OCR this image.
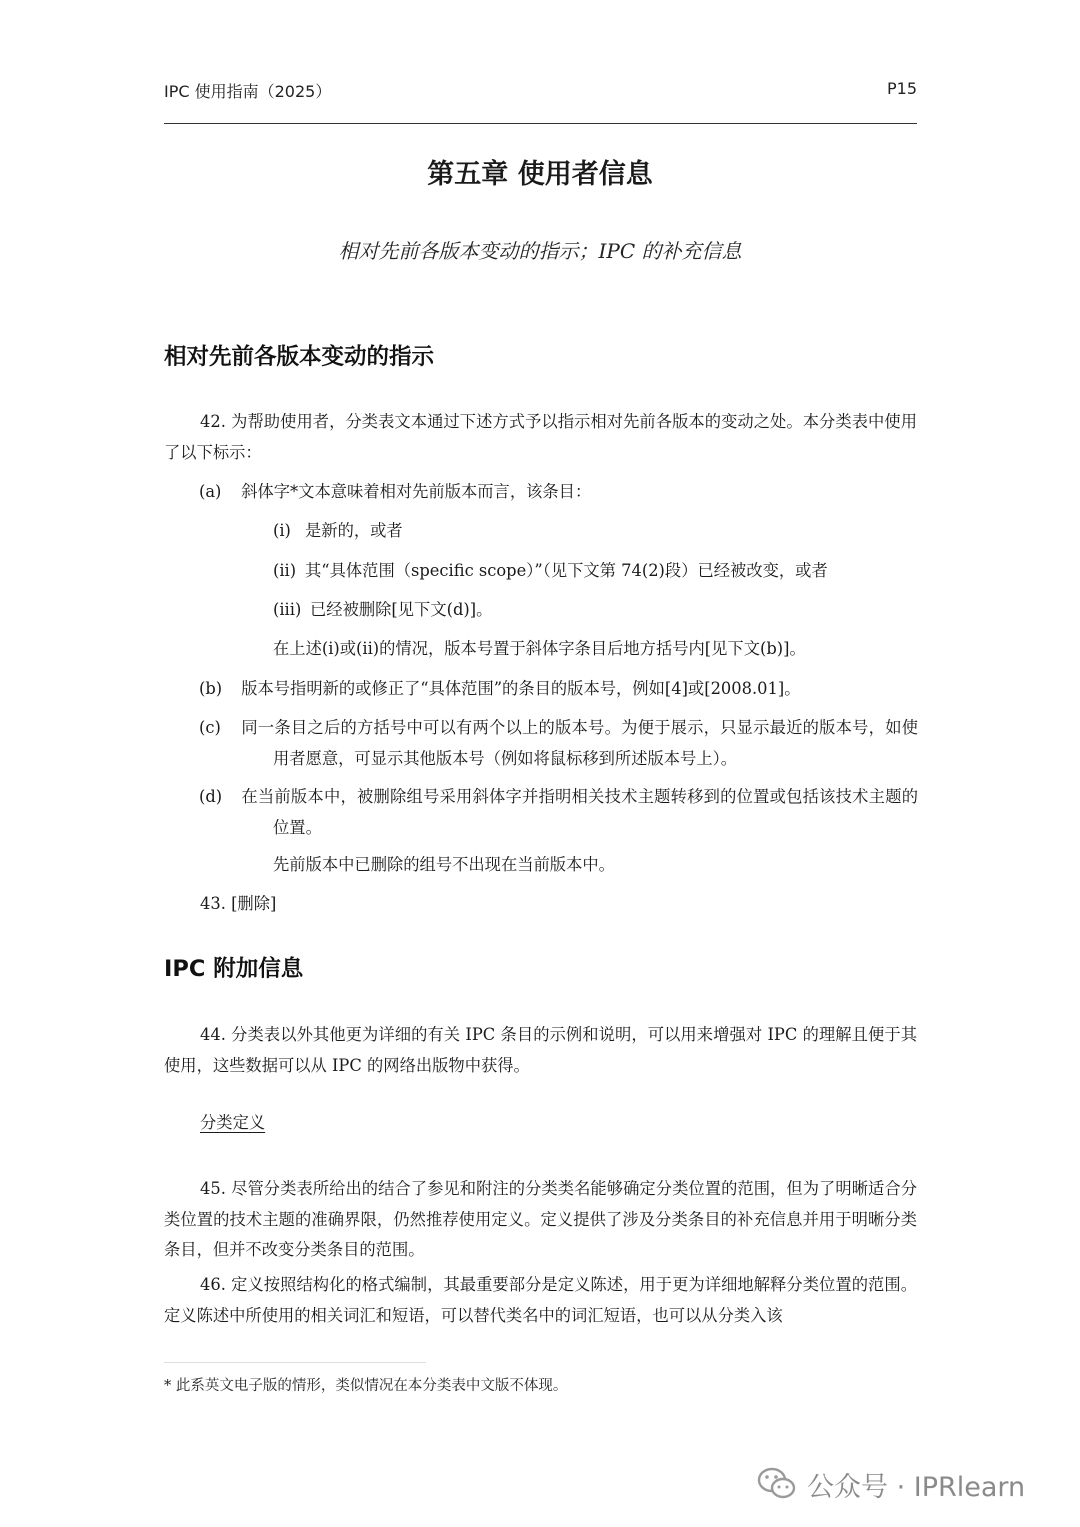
IPC 使用指南（2025）	P15
第五章 使用者信息
相对先前各版本变动的指示；IPC 的补充信息
相对先前各版本变动的指示
42. 为帮助使用者，分类表文本通过下述方式予以指示相对先前各版本的变动之处。本分类表中使用了以下标示：
(a) 斜体字*文本意味着相对先前版本而言，该条目：
(i) 是新的，或者
(ii) 其“具体范围（specific scope）”（见下文第 74(2)段）已经被改变，或者
(iii) 已经被删除[见下文(d)]。
在上述(i)或(ii)的情况，版本号置于斜体字条目后地方括号内[见下文(b)]。
(b) 版本号指明新的或修正了“具体范围”的条目的版本号，例如[4]或[2008.01]。
(c) 同一条目之后的方括号中可以有两个以上的版本号。为便于展示，只显示最近的版本号，如使用者愿意，可显示其他版本号（例如将鼠标移到所述版本号上）。
(d) 在当前版本中，被删除组号采用斜体字并指明相关技术主题转移到的位置或包括该技术主题的位置。
先前版本中已删除的组号不出现在当前版本中。
43. [删除]
IPC 附加信息
44. 分类表以外其他更为详细的有关 IPC 条目的示例和说明，可以用来增强对 IPC 的理解且便于其使用，这些数据可以从 IPC 的网络出版物中获得。
分类定义
45. 尽管分类表所给出的结合了参见和附注的分类类名能够确定分类位置的范围，但为了明晰适合分类位置的技术主题的准确界限，仍然推荐使用定义。定义提供了涉及分类条目的补充信息并用于明晰分类条目，但并不改变分类条目的范围。
46. 定义按照结构化的格式编制，其最重要部分是定义陈述，用于更为详细地解释分类位置的范围。定义陈述中所使用的相关词汇和短语，可以替代类名中的词汇短语，也可以从分类入该
* 此系英文电子版的情形，类似情况在本分类表中文版不体现。
公众号 · IPRlearn
